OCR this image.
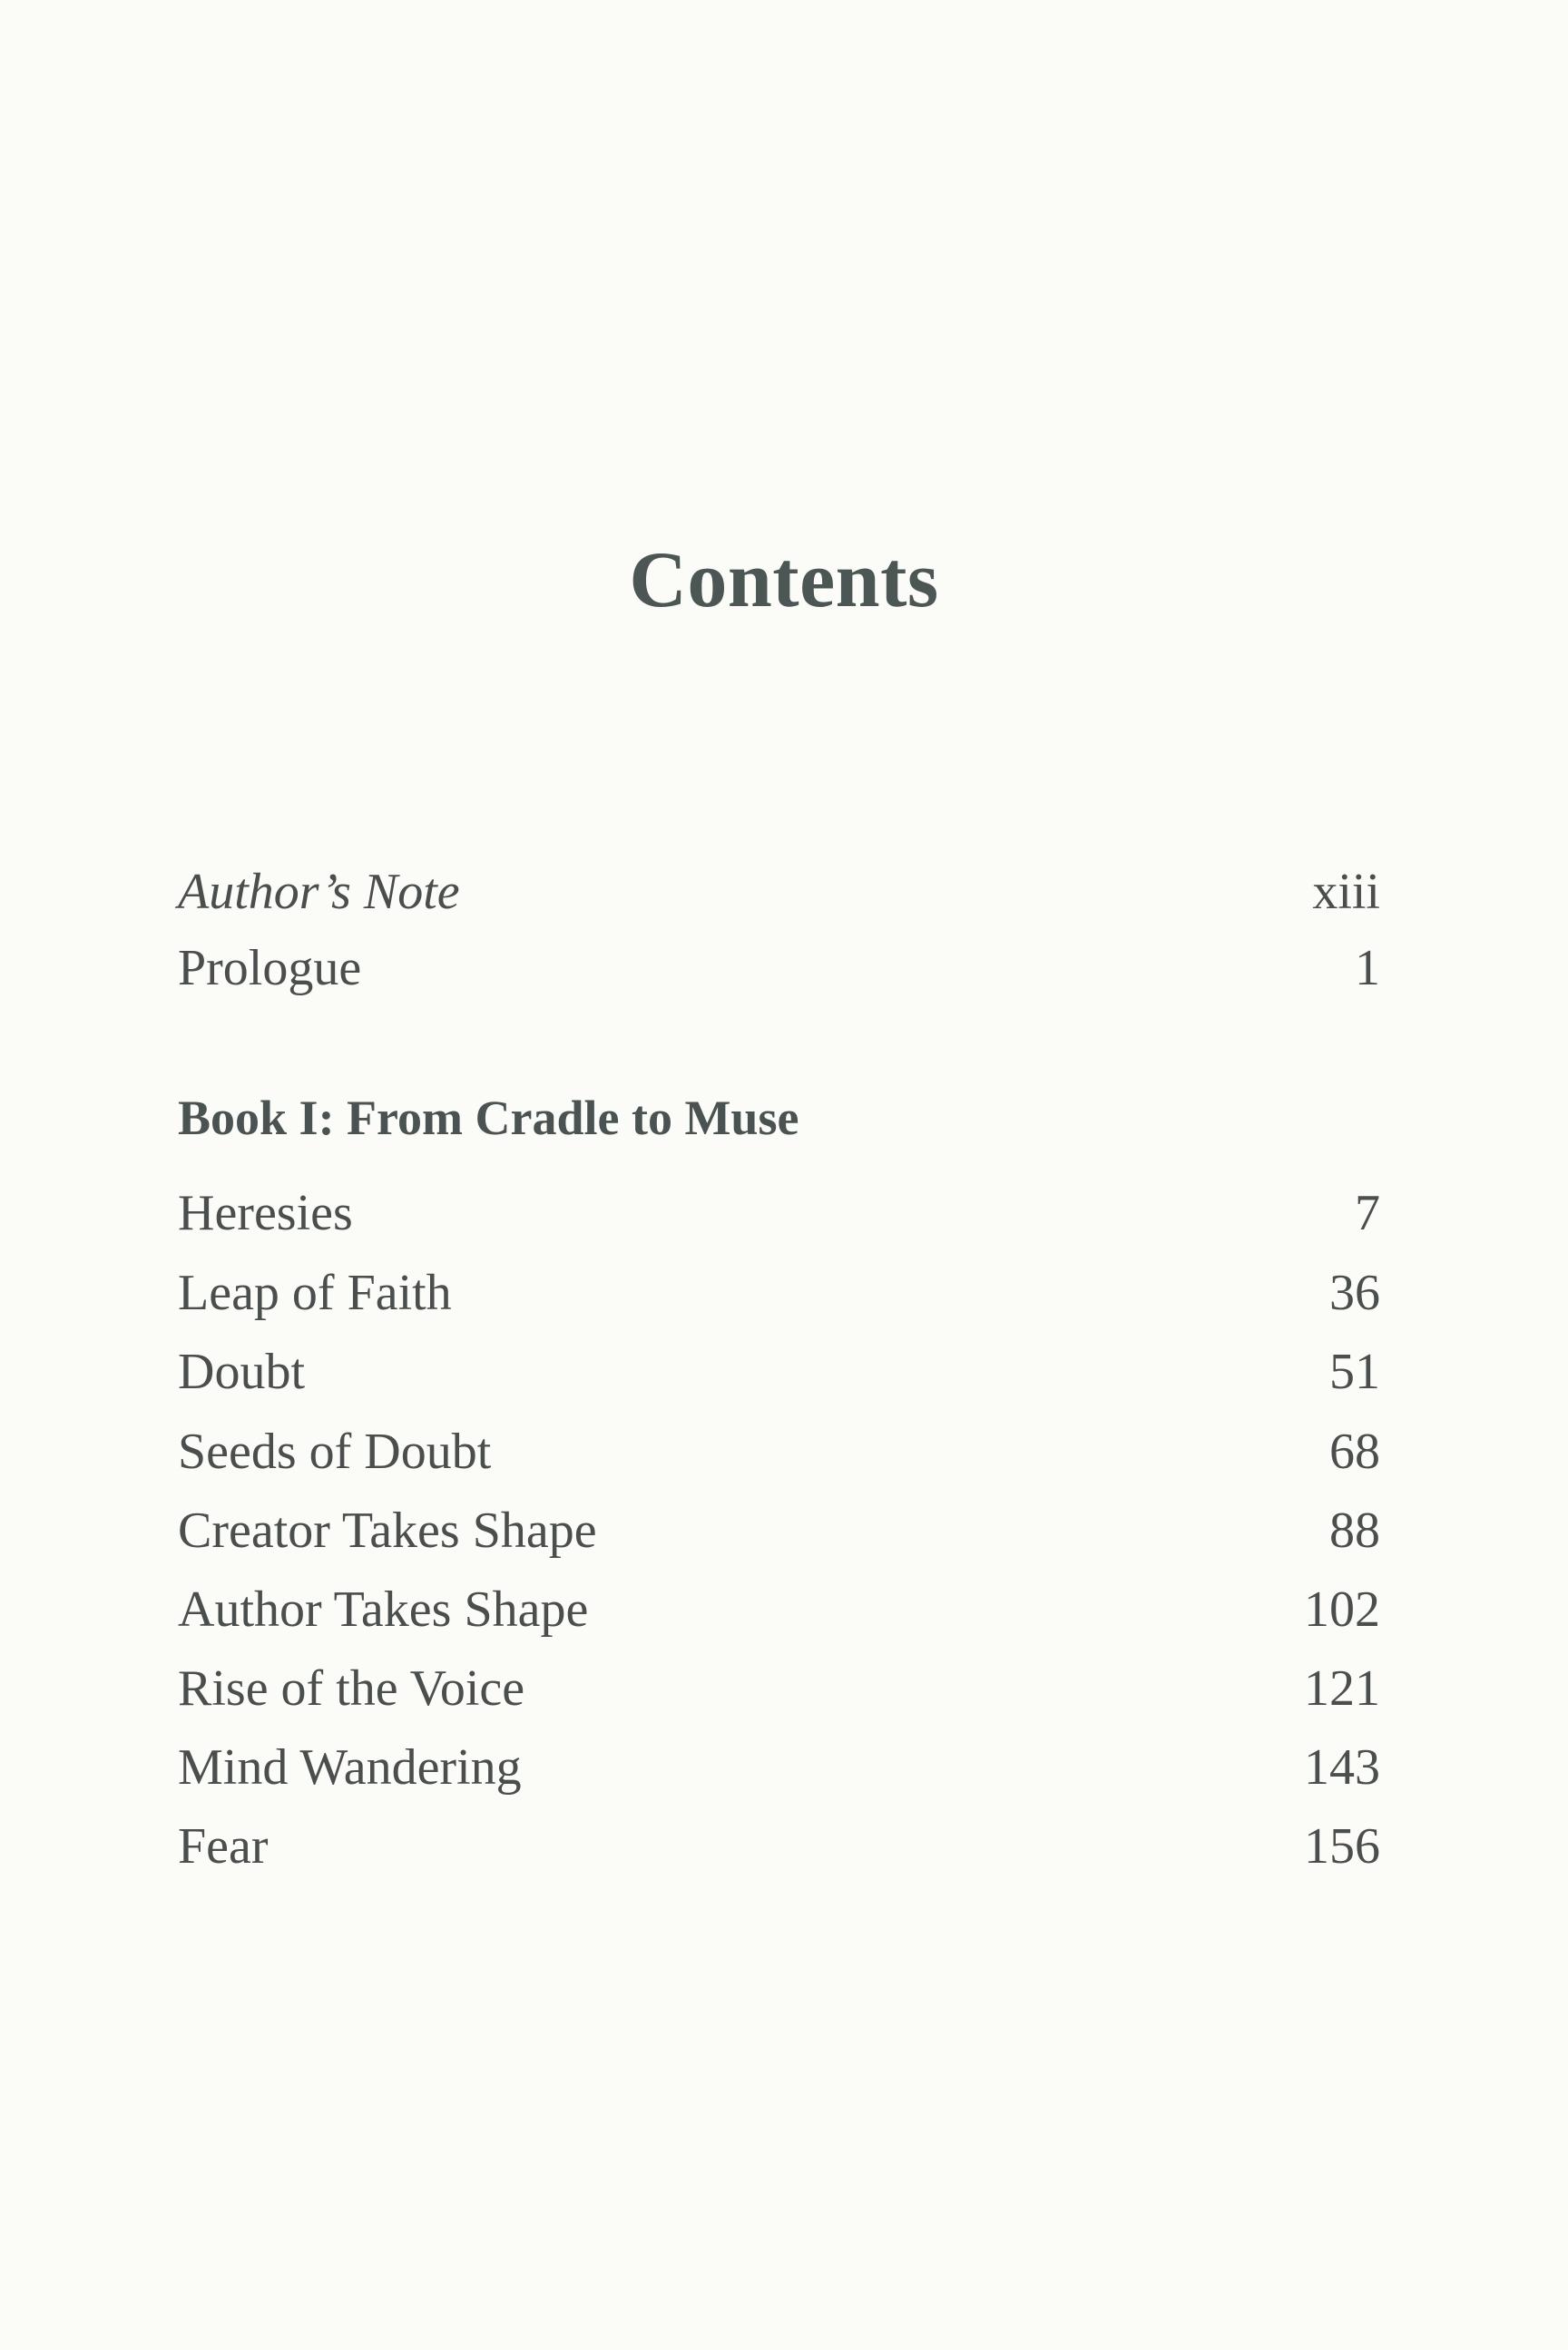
Contents
Author’s Note	xiii
Prologue	1
Book I: From Cradle to Muse
Heresies	7
Leap of Faith	36
Doubt	51
Seeds of Doubt	68
Creator Takes Shape	88
Author Takes Shape	102
Rise of the Voice	121
Mind Wandering	143
Fear	156
